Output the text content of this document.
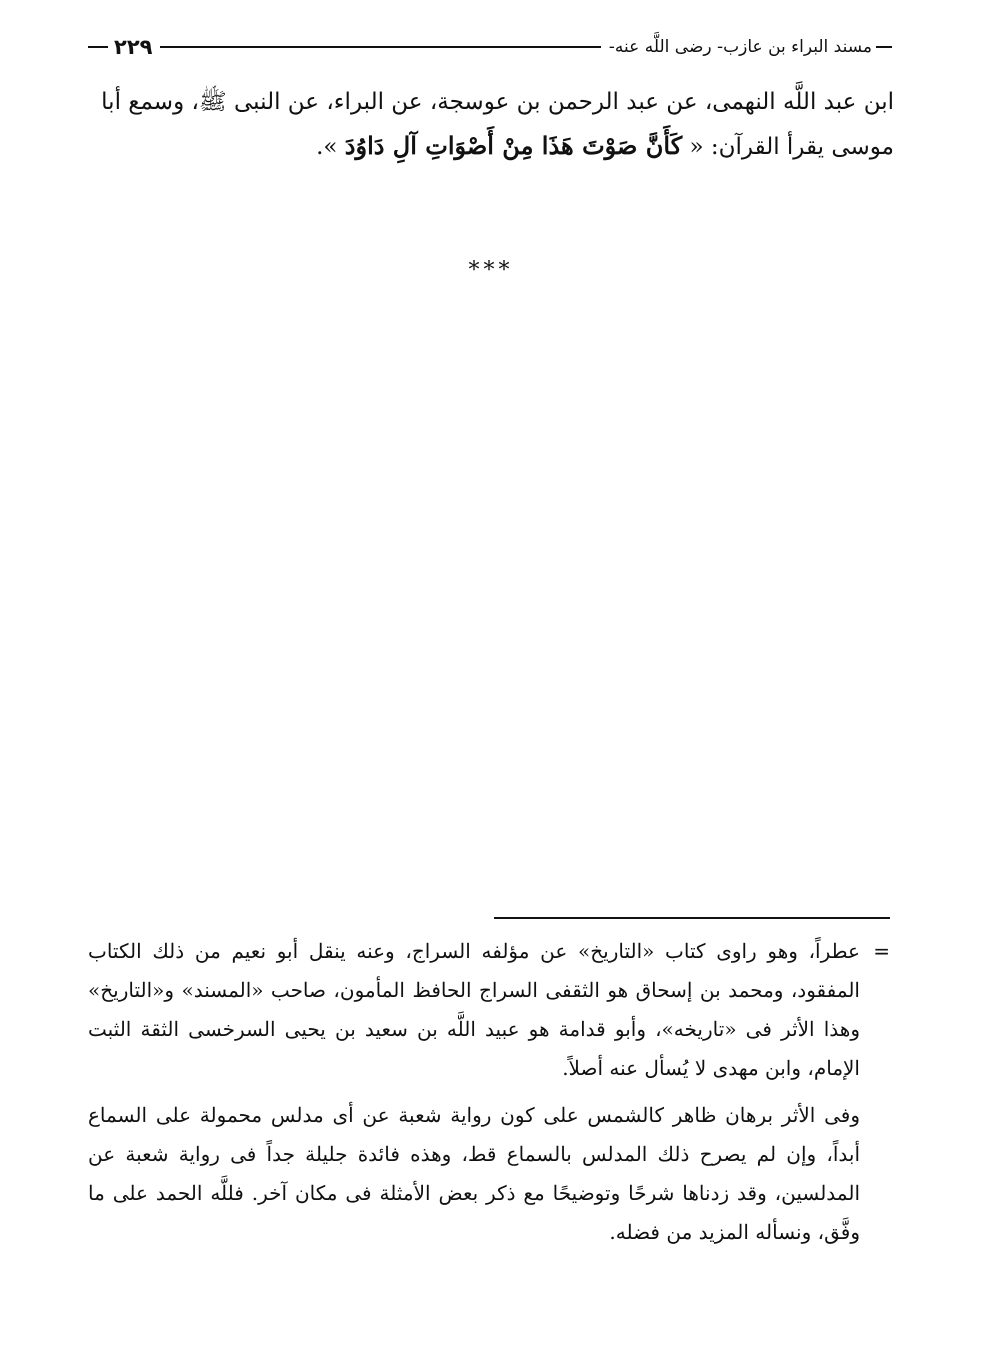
مسند البراء بن عازب- رضى اللَّه عنه-
٢٢٩

ابن عبد اللَّه النهمى، عن عبد الرحمن بن عوسجة، عن البراء، عن النبى ﷺ، وسمع أبا

موسى يقرأ القرآن: « كَأَنَّ صَوْتَ هَذَا مِنْ أَصْوَاتِ آلِ دَاوُدَ ».

***

=
عطراً، وهو راوى كتاب «التاريخ» عن مؤلفه السراج، وعنه ينقل أبو نعيم من ذلك الكتاب المفقود، ومحمد بن إسحاق هو الثقفى السراج الحافظ المأمون، صاحب «المسند» و«التاريخ» وهذا الأثر فى «تاريخه»، وأبو قدامة هو عبيد اللَّه بن سعيد بن يحيى السرخسى الثقة الثبت الإمام، وابن مهدى لا يُسأل عنه أصلاً.

وفى الأثر برهان ظاهر كالشمس على كون رواية شعبة عن أى مدلس محمولة على السماع أبداً، وإن لم يصرح ذلك المدلس بالسماع قط، وهذه فائدة جليلة جداً فى رواية شعبة عن المدلسين، وقد زدناها شرحًا وتوضيحًا مع ذكر بعض الأمثلة فى مكان آخر. فللَّه الحمد على ما وفَّق، ونسأله المزيد من فضله.
